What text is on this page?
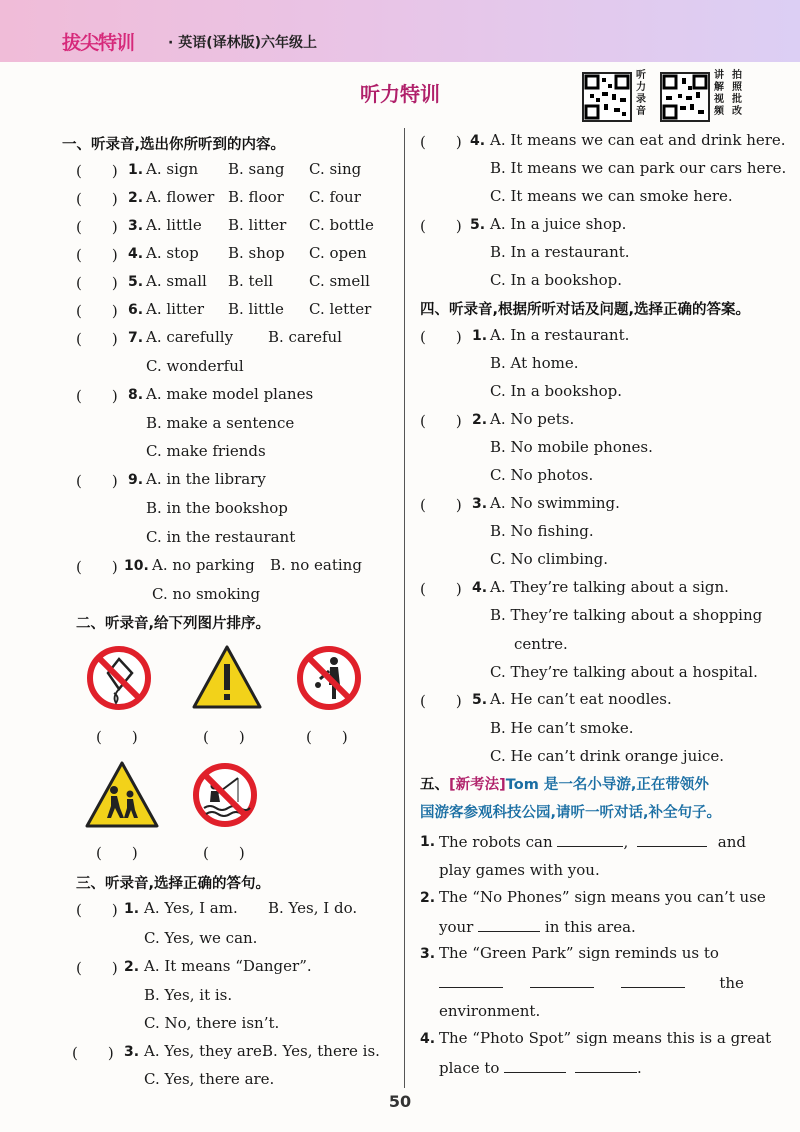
拔尖特训 · 英语(译林版)六年级上
听力特训
听力录音
讲解视频
拍照批改
一、听录音,选出你所听到的内容。
(　　) 1. A. sign B. sang C. sing
(　　) 2. A. flower B. floor C. four
(　　) 3. A. little B. litter C. bottle
(　　) 4. A. stop B. shop C. open
(　　) 5. A. small B. tell C. smell
(　　) 6. A. litter B. little C. letter
(　　) 7. A. carefully B. careful
C. wonderful
(　　) 8. A. make model planes
B. make a sentence
C. make friends
(　　) 9. A. in the library
B. in the bookshop
C. in the restaurant
(　　) 10. A. no parking B. no eating
C. no smoking
二、听录音,给下列图片排序。
(　　)	(　　)	(　　)
(　　)	(　　)
三、听录音,选择正确的答句。
(　　) 1. A. Yes, I am. B. Yes, I do.
C. Yes, we can.
(　　) 2. A. It means “Danger”.
B. Yes, it is.
C. No, there isn’t.
(　　) 3. A. Yes, they are.
B. Yes, there is.
C. Yes, there are.
(　　) 4. A. It means we can eat and drink here.
B. It means we can park our cars here.
C. It means we can smoke here.
(　　) 5. A. In a juice shop.
B. In a restaurant.
C. In a bookshop.
四、听录音,根据所听对话及问题,选择正确的答案。
(　　) 1. A. In a restaurant.
B. At home.
C. In a bookshop.
(　　) 2. A. No pets.
B. No mobile phones.
C. No photos.
(　　) 3. A. No swimming.
B. No fishing.
C. No climbing.
(　　) 4. A. They’re talking about a sign.
B. They’re talking about a shopping
centre.
C. They’re talking about a hospital.
(　　) 5. A. He can’t eat noodles.
B. He can’t smoke.
C. He can’t drink orange juice.
五、[新考法]Tom 是一名小导游,正在带领外
国游客参观科技公园,请听一听对话,补全句子。
1. The robots can	,	and
play games with you.
2. The “No Phones” sign means you can’t use
your	in this area.
3. The “Green Park” sign reminds us to
the
environment.
4. The “Photo Spot” sign means this is a great
place to	.
50
